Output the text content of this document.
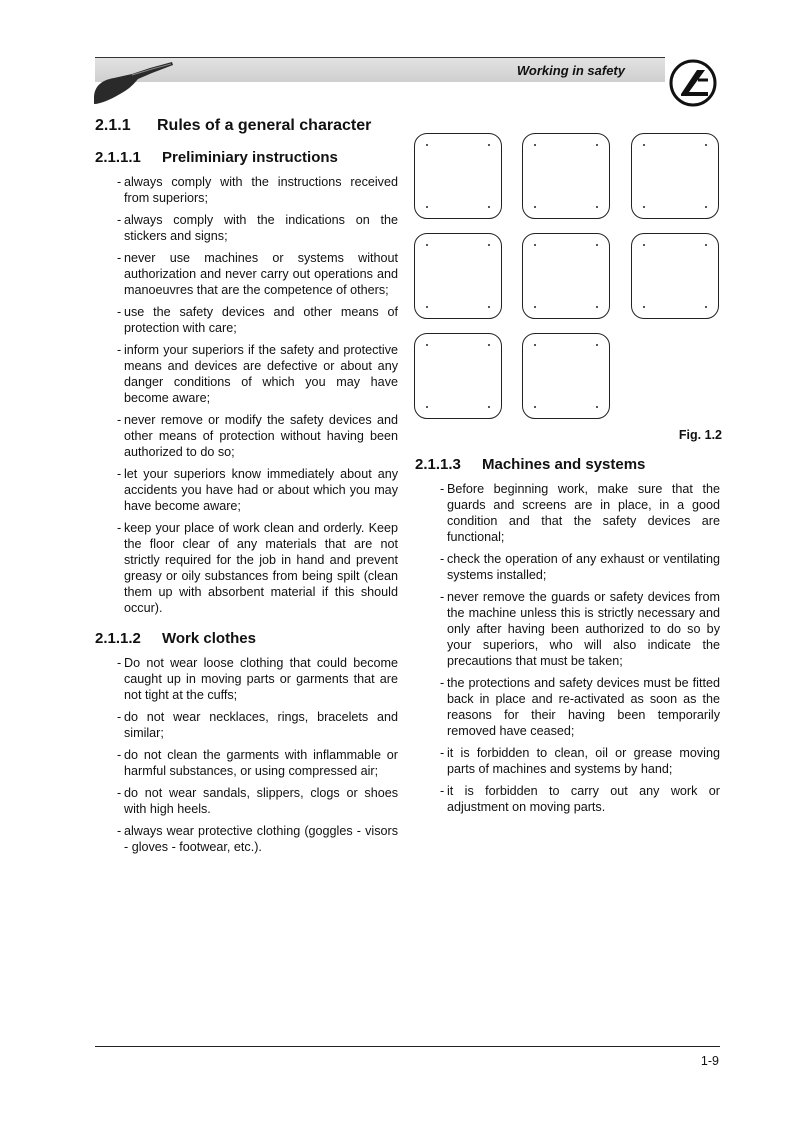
Working in safety
2.1.1 Rules of a general character
2.1.1.1 Preliminiary instructions
- always comply with the instructions received from superiors;
- always comply with the indications on the stickers and signs;
- never use machines or systems without authorization and never carry out operations and manoeuvres that are the competence of others;
- use the safety devices and other means of protection with care;
- inform your superiors if the safety and protective means and devices are defective or about any danger conditions of which you may have become aware;
- never remove or modify the safety devices and other means of protection without having been authorized to do so;
- let your superiors know immediately about any accidents you have had or about which you may have become aware;
- keep your place of work clean and orderly. Keep the floor clear of any materials that are not strictly required for the job in hand and prevent greasy or oily substances from being spilt (clean them up with absorbent material if this should occur).
2.1.1.2 Work clothes
- Do not wear loose clothing that could become caught up in moving parts or garments that are not tight at the cuffs;
- do not wear necklaces, rings, bracelets and similar;
- do not clean the garments with inflammable or harmful substances, or using compressed air;
- do not wear sandals, slippers, clogs or shoes with high heels.
- always wear protective clothing (goggles - visors - gloves - footwear, etc.).
Fig. 1.2
2.1.1.3 Machines and systems
- Before beginning work, make sure that the guards and screens are in place, in a good condition and that the safety devices are functional;
- check the operation of any exhaust or ventilating systems installed;
- never remove the guards or safety devices from the machine unless this is strictly necessary and only after having been authorized to do so by your superiors, who will also indicate the precautions that must be taken;
- the protections and safety devices must be fitted back in place and re-activated as soon as the reasons for their having been temporarily removed have ceased;
- it is forbidden to clean, oil or grease moving parts of machines and systems by hand;
- it is forbidden to carry out any work or adjustment on moving parts.
1-9
